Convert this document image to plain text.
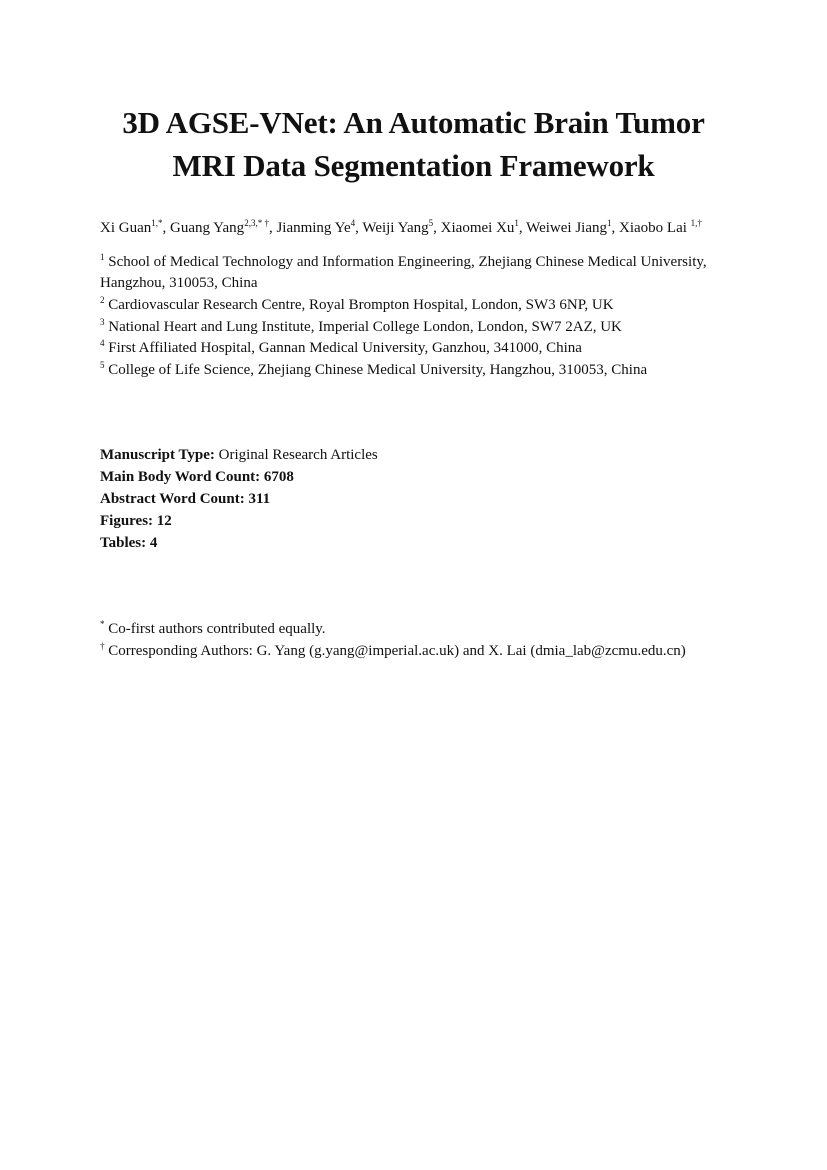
3D AGSE-VNet: An Automatic Brain Tumor
MRI Data Segmentation Framework
Xi Guan$^{1,*}$, Guang Yang$^{2,3,* \dagger}$, Jianming Ye$^4$, Weiji Yang$^5$, Xiaomei Xu$^1$, Weiwei Jiang$^1$, Xiaobo Lai $^{1,\dagger}$
$^1$ School of Medical Technology and Information Engineering, Zhejiang Chinese Medical University,
Hangzhou, 310053, China
$^2$ Cardiovascular Research Centre, Royal Brompton Hospital, London, SW3 6NP, UK
$^3$ National Heart and Lung Institute, Imperial College London, London, SW7 2AZ, UK
$^4$ First Affiliated Hospital, Gannan Medical University, Ganzhou, 341000, China
$^5$ College of Life Science, Zhejiang Chinese Medical University, Hangzhou, 310053, China
Manuscript Type: Original Research Articles
Main Body Word Count: 6708
Abstract Word Count: 311
Figures: 12
Tables: 4
* Co-first authors contributed equally.
† Corresponding Authors: G. Yang (g.yang@imperial.ac.uk) and X. Lai (dmia_lab@zcmu.edu.cn)
